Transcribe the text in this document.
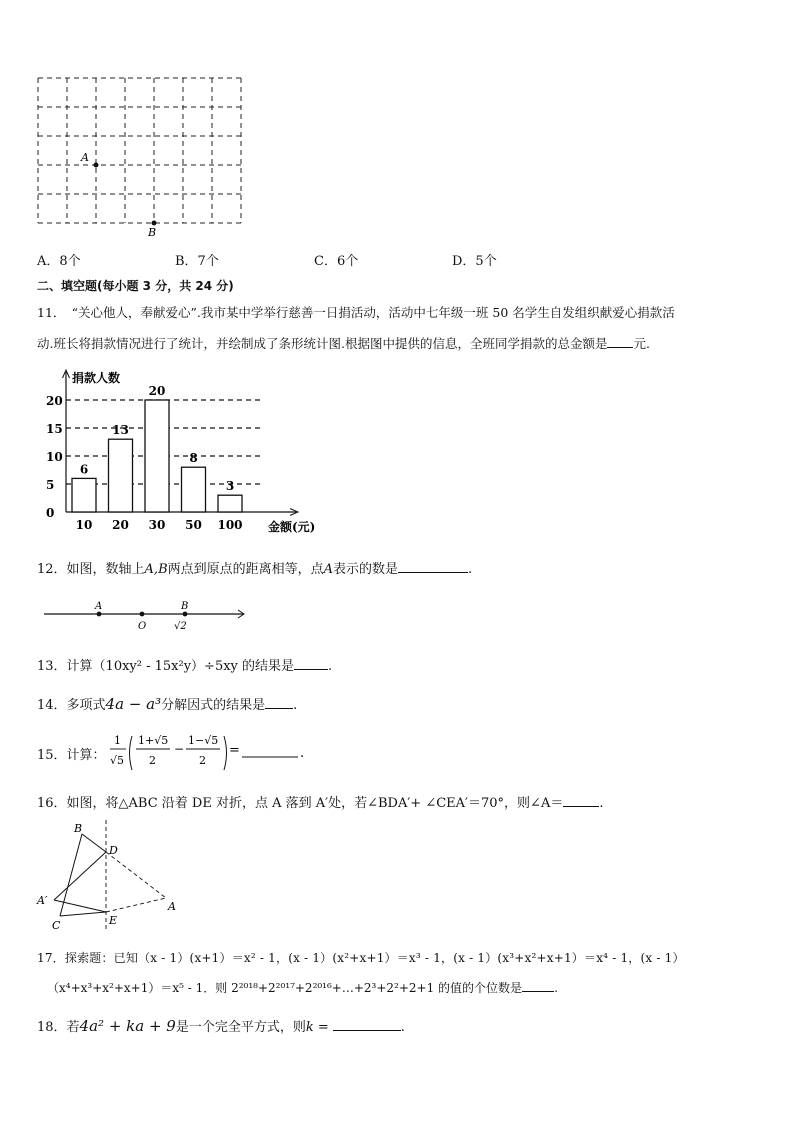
A
B
A．8个	B．7个	C．6个	D．5个
二、填空题(每小题 3 分，共 24 分)
11．　“关心他人，奉献爱心”.我市某中学举行慈善一日捐活动，活动中七年级一班 50 名学生自发组织献爱心捐款活
动.班长将捐款情况进行了统计，并绘制成了条形统计图.根据图中提供的信息，全班同学捐款的总金额是 元.
0
5
10
15
20
捐款人数
6
10
13
20
20
30
8
50
3
100 金额(元)
12．如图，数轴上A,B两点到原点的距离相等，点A表示的数是	.
A
O
B
√2
13．计算（10xy² - 15x²y）÷5xy 的结果是	.
14．多项式4a − a³分解因式的结果是 .
15．计算：
1
√5
1+√5
2
−
1−√5
2
=	.
16．如图，将△ABC 沿着 DE 对折，点 A 落到 A′处，若∠BDA′+ ∠CEA′＝70°，则∠A＝	.
B
D
A′	A
C	E
17．探索题：已知（x - 1）(x+1）＝x² - 1，(x - 1）(x²+x+1）＝x³ - 1，(x - 1）(x³+x²+x+1）＝x⁴ - 1，(x - 1）
（x⁴+x³+x²+x+1）＝x⁵ - 1．则 2²⁰¹⁸+2²⁰¹⁷+2²⁰¹⁶+…+2³+2²+2+1 的值的个位数是	.
18．若4a² + ka + 9是一个完全平方式，则k =	.
